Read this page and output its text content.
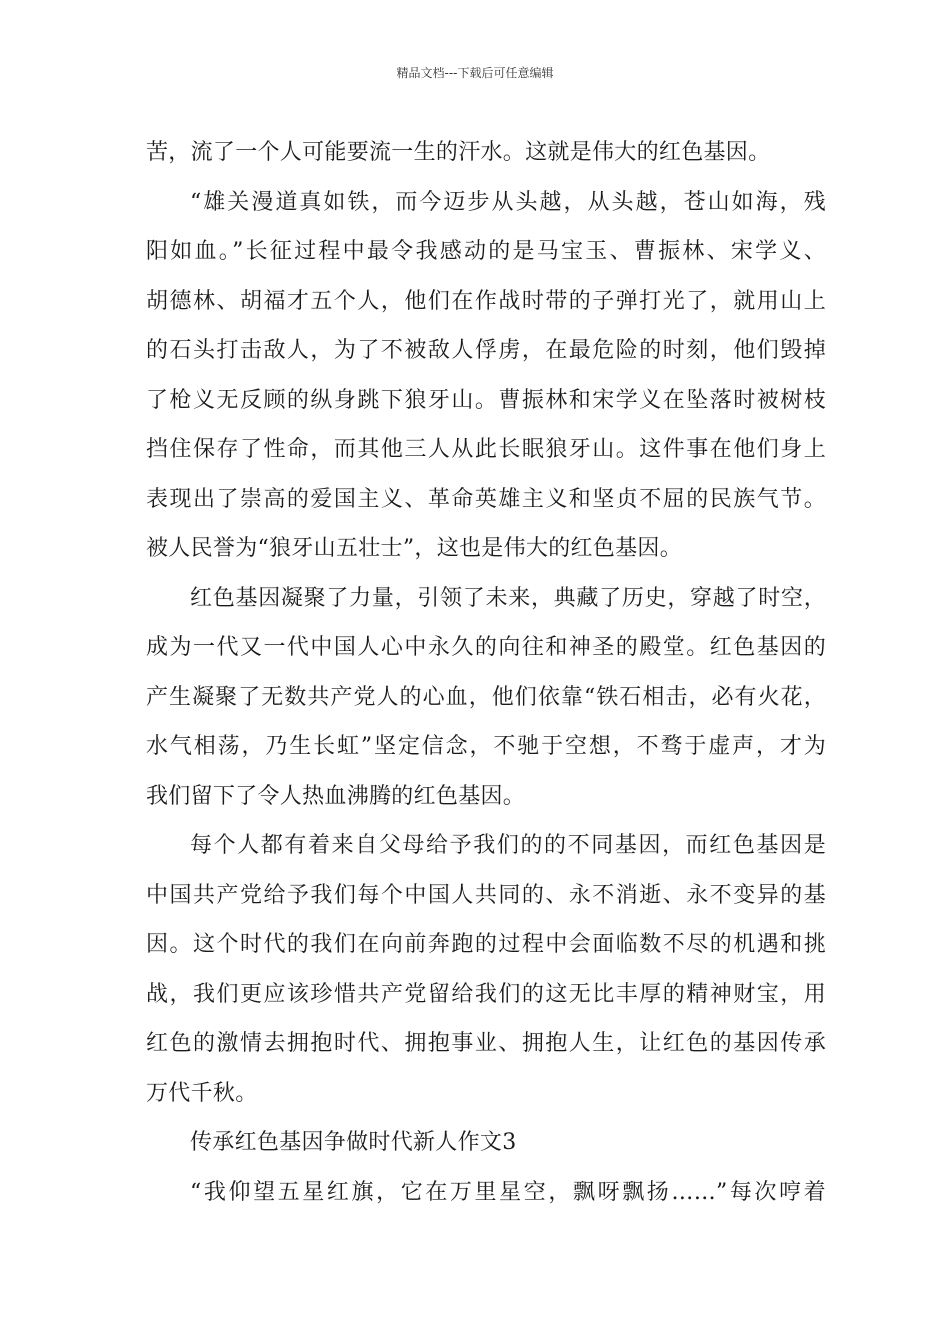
精品文档---下载后可任意编辑
苦，流了一个人可能要流一生的汗水。这就是伟大的红色基因。
“雄关漫道真如铁，而今迈步从头越，从头越，苍山如海，残
阳如血。”长征过程中最令我感动的是马宝玉、曹振林、宋学义、
胡德林、胡福才五个人，他们在作战时带的子弹打光了，就用山上
的石头打击敌人，为了不被敌人俘虏，在最危险的时刻，他们毁掉
了枪义无反顾的纵身跳下狼牙山。曹振林和宋学义在坠落时被树枝
挡住保存了性命，而其他三人从此长眠狼牙山。这件事在他们身上
表现出了崇高的爱国主义、革命英雄主义和坚贞不屈的民族气节。
被人民誉为“狼牙山五壮士”，这也是伟大的红色基因。
红色基因凝聚了力量，引领了未来，典藏了历史，穿越了时空，
成为一代又一代中国人心中永久的向往和神圣的殿堂。红色基因的
产生凝聚了无数共产党人的心血，他们依靠“铁石相击，必有火花，
水气相荡，乃生长虹”坚定信念，不驰于空想，不骛于虚声，才为
我们留下了令人热血沸腾的红色基因。
每个人都有着来自父母给予我们的的不同基因，而红色基因是
中国共产党给予我们每个中国人共同的、永不消逝、永不变异的基
因。这个时代的我们在向前奔跑的过程中会面临数不尽的机遇和挑
战，我们更应该珍惜共产党留给我们的这无比丰厚的精神财宝，用
红色的激情去拥抱时代、拥抱事业、拥抱人生，让红色的基因传承
万代千秋。
传承红色基因争做时代新人作文3
“我仰望五星红旗，它在万里星空，飘呀飘扬……”每次哼着
